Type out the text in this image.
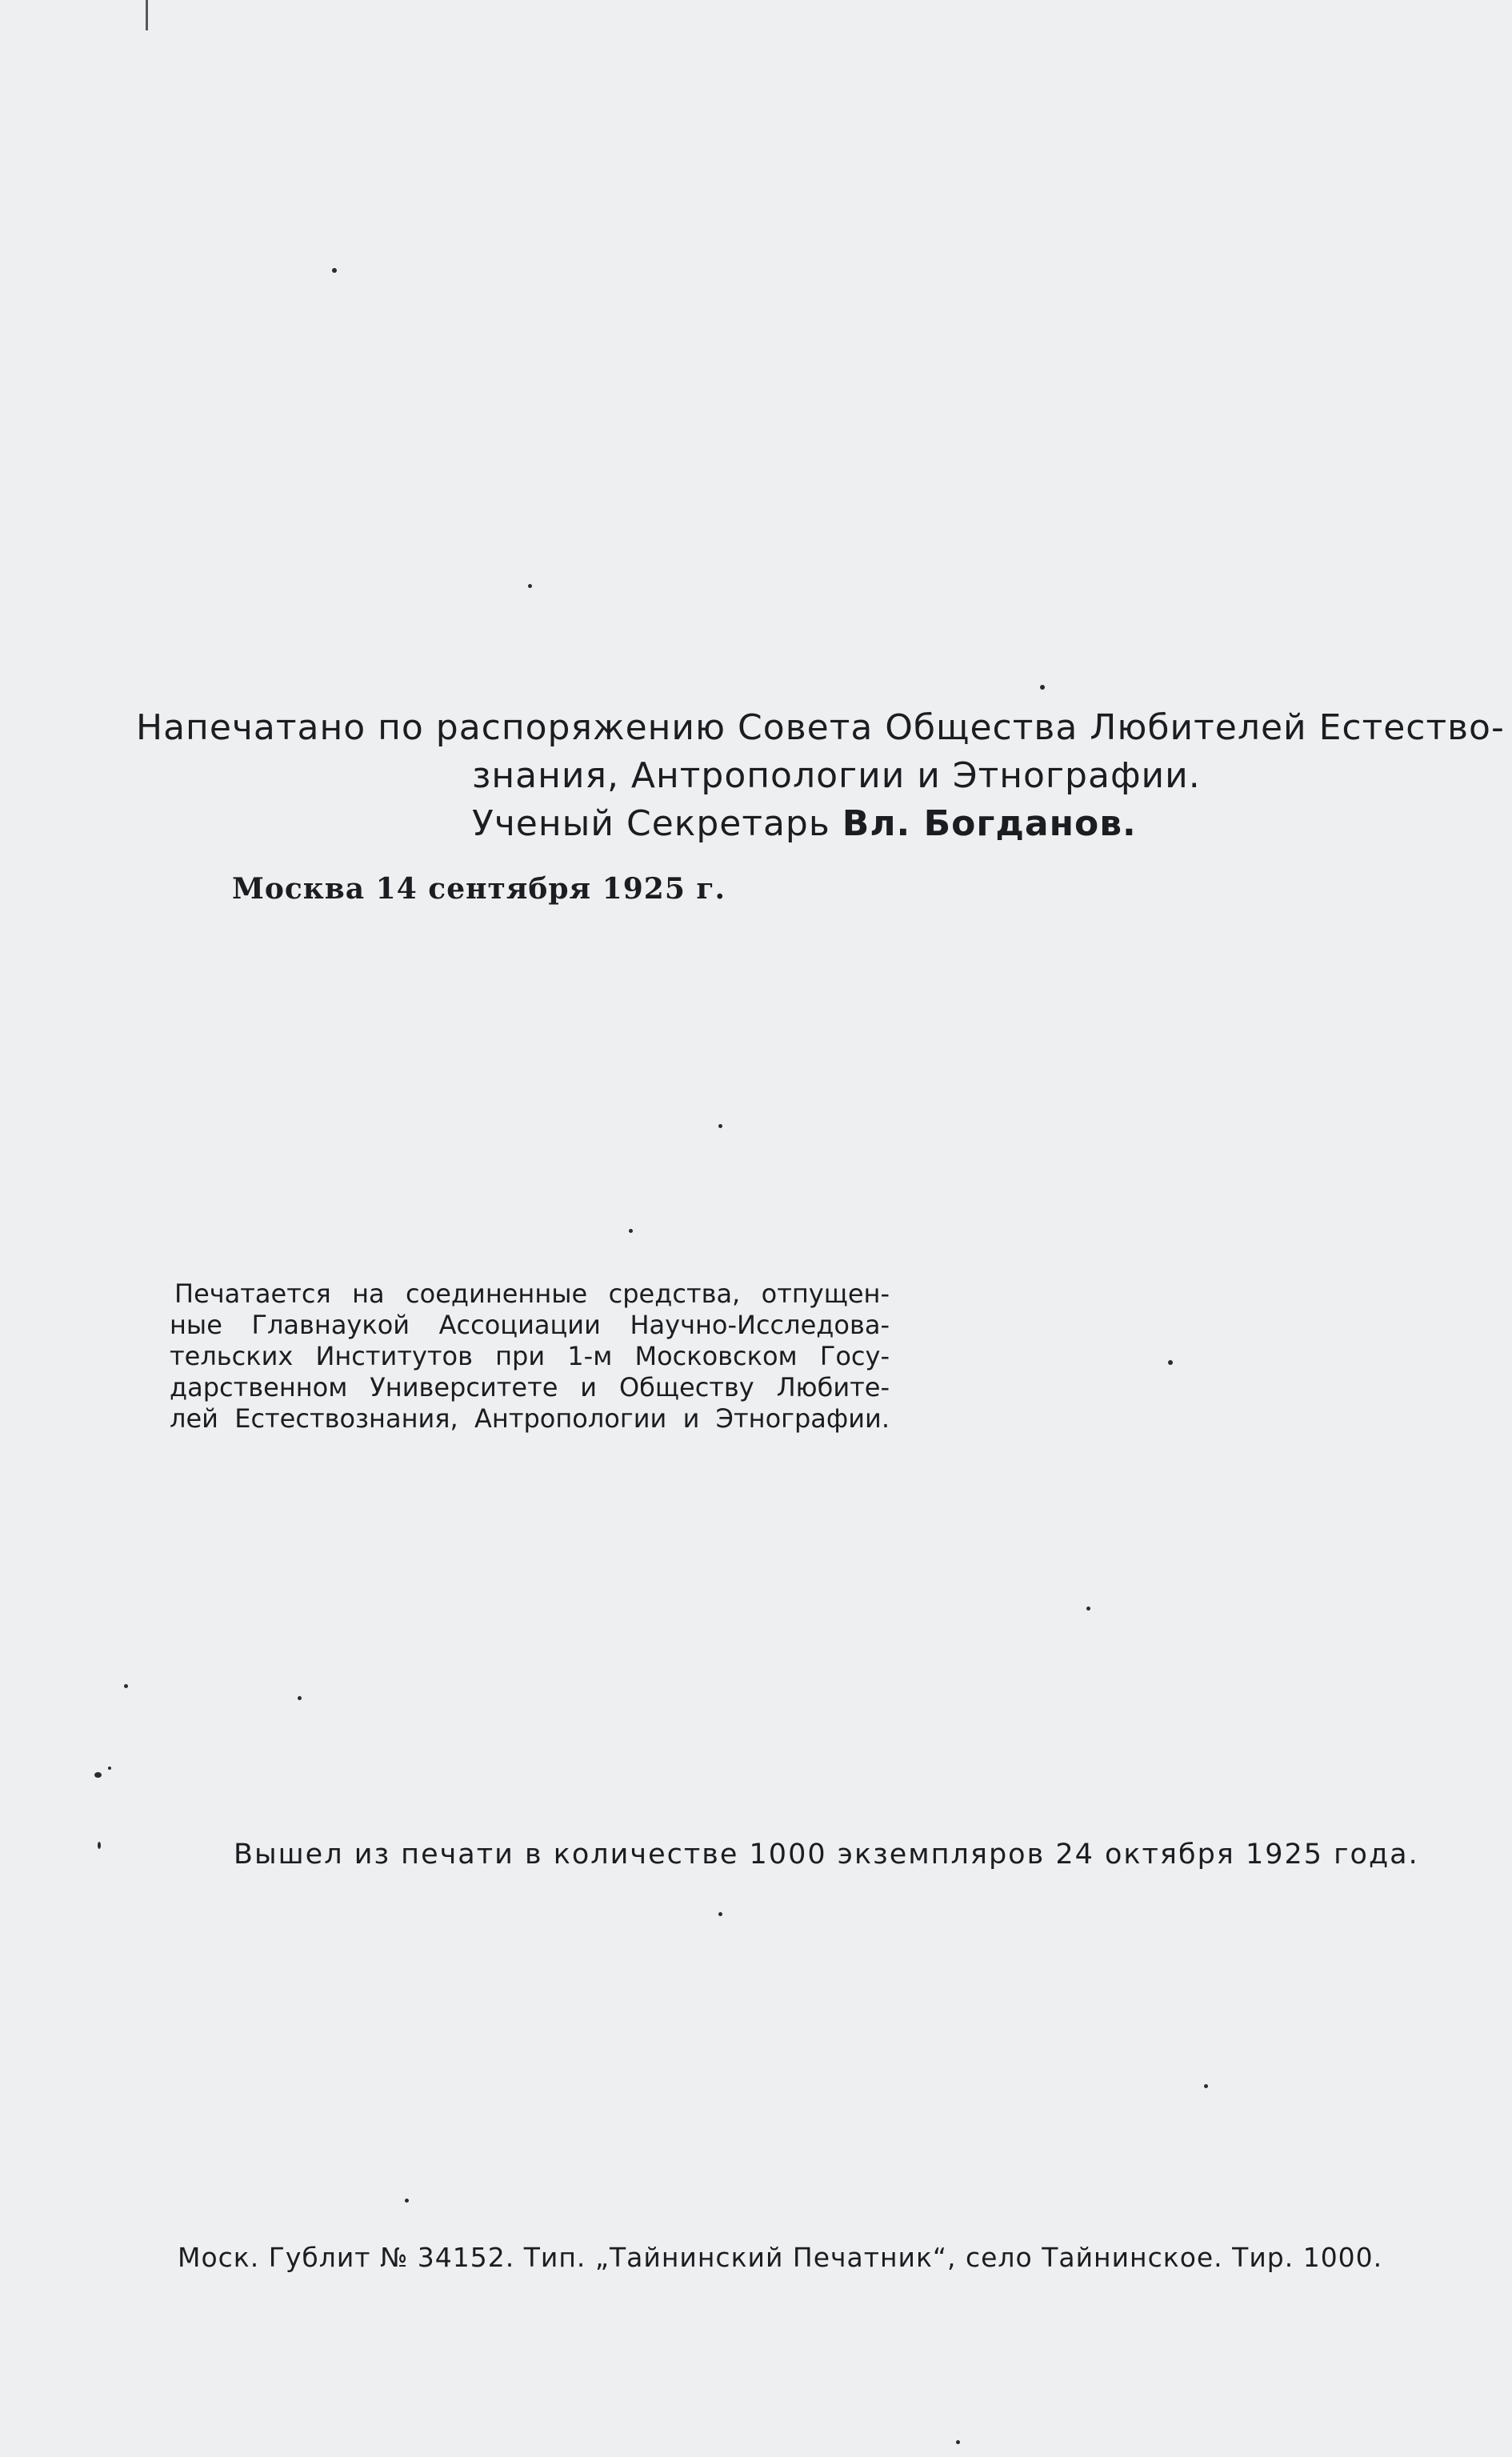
Напечатано по распоряжению Совета Общества Любителей Естество-
знания, Антропологии и Этнографии.
Ученый Секретарь Вл. Богданов.
Москва 14 сентября 1925 г.
Печатается на соединенные средства, отпущен-
ные Главнаукой Ассоциации Научно-Исследова-
тельских Институтов при 1-м Московском Госу-
дарственном Университете и Обществу Любите-
лей Естествознания, Антропологии и Этнографии.
Вышел из печати в количестве 1000 экземпляров 24 октября 1925 года.
Моск. Гублит № 34152. Тип. „Тайнинский Печатник“, село Тайнинское. Тир. 1000.
